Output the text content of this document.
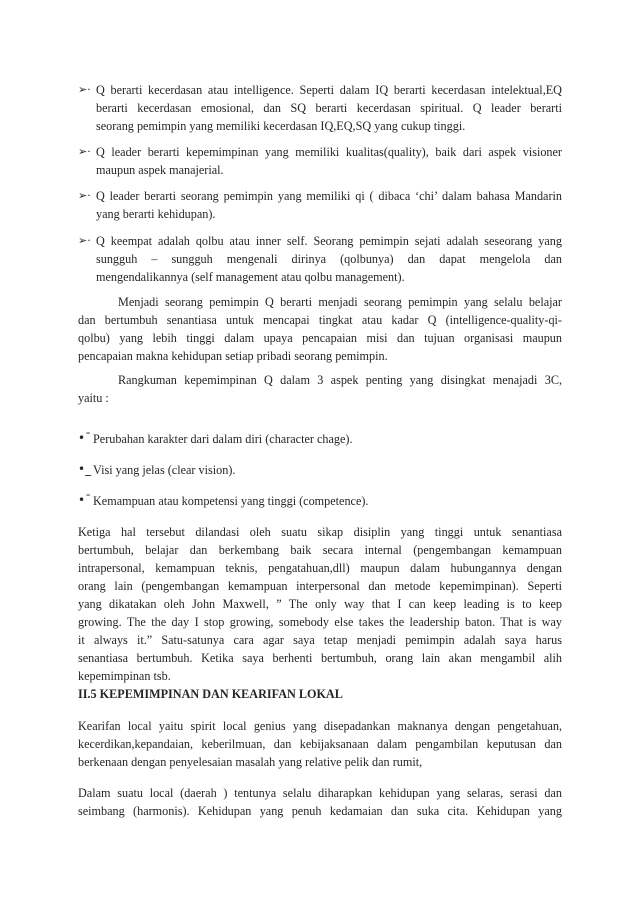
➢· Q berarti kecerdasan atau intelligence. Seperti dalam IQ berarti kecerdasan intelektual,EQ
berarti kecerdasan emosional, dan SQ berarti kecerdasan spiritual. Q leader berarti
seorang pemimpin yang memiliki kecerdasan IQ,EQ,SQ yang cukup tinggi.
➢· Q leader berarti kepemimpinan yang memiliki kualitas(quality), baik dari aspek visioner
maupun aspek manajerial.
➢· Q leader berarti seorang pemimpin yang memiliki qi ( dibaca ‘chi’ dalam bahasa Mandarin
yang berarti kehidupan).
➢· Q keempat adalah qolbu atau inner self. Seorang pemimpin sejati adalah seseorang yang
sungguh – sungguh mengenali dirinya (qolbunya) dan dapat mengelola dan
mengendalikannya (self management atau qolbu management).
Menjadi seorang pemimpin Q berarti menjadi seorang pemimpin yang selalu belajar
dan bertumbuh senantiasa untuk mencapai tingkat atau kadar Q (intelligence-quality-qi-
qolbu) yang lebih tinggi dalam upaya pencapaian misi dan tujuan organisasi maupun
pencapaian makna kehidupan setiap pribadi seorang pemimpin.
Rangkuman kepemimpinan Q dalam 3 aspek penting yang disingkat menajadi 3C,
yaitu :
•¯ Perubahan karakter dari dalam diri (character chage).
•_ Visi yang jelas (clear vision).
•¯ Kemampuan atau kompetensi yang tinggi (competence).
Ketiga hal tersebut dilandasi oleh suatu sikap disiplin yang tinggi untuk senantiasa
bertumbuh, belajar dan berkembang baik secara internal (pengembangan kemampuan
intrapersonal, kemampuan teknis, pengatahuan,dll) maupun dalam hubungannya dengan
orang lain (pengembangan kemampuan interpersonal dan metode kepemimpinan). Seperti
yang dikatakan oleh John Maxwell, ” The only way that I can keep leading is to keep
growing. The the day I stop growing, somebody else takes the leadership baton. That is way
it always it.” Satu-satunya cara agar saya tetap menjadi pemimpin adalah saya harus
senantiasa bertumbuh. Ketika saya berhenti bertumbuh, orang lain akan mengambil alih
kepemimpinan tsb.
II.5 KEPEMIMPINAN DAN KEARIFAN LOKAL
Kearifan local yaitu spirit local genius yang disepadankan maknanya dengan pengetahuan,
kecerdikan,kepandaian, keberilmuan, dan kebijaksanaan dalam pengambilan keputusan dan
berkenaan dengan penyelesaian masalah yang relative pelik dan rumit,
Dalam suatu local (daerah ) tentunya selalu diharapkan kehidupan yang selaras, serasi dan
seimbang (harmonis). Kehidupan yang penuh kedamaian dan suka cita. Kehidupan yang
